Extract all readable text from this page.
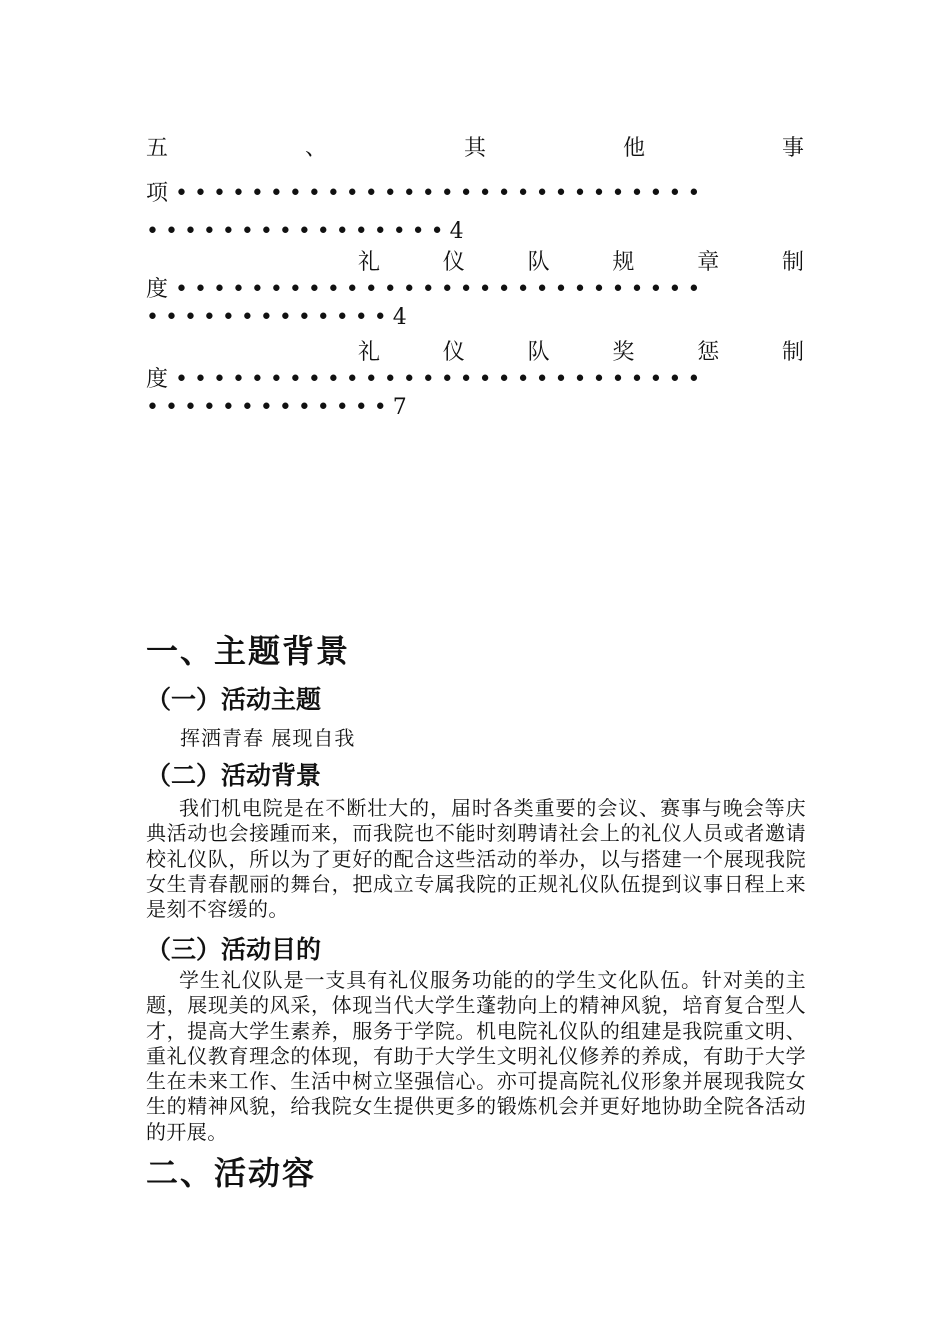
五	、	其	他	事
项 ••••••••••••••••••••••••••••
••••••••••••••••4
礼	仪	队	规	章	制
度 ••••••••••••••••••••••••••••
•••••••••••••4
礼	仪	队	奖	惩	制
度 ••••••••••••••••••••••••••••
•••••••••••••7
一、主题背景
（一）活动主题

挥洒青春 展现自我

（二）活动背景

我们机电院是在不断壮大的，届时各类重要的会议、赛事与晚会等庆典活动也会接踵而来，而我院也不能时刻聘请社会上的礼仪人员或者邀请校礼仪队，所以为了更好的配合这些活动的举办，以与搭建一个展现我院女生青春靓丽的舞台，把成立专属我院的正规礼仪队伍提到议事日程上来是刻不容缓的。

（三）活动目的

学生礼仪队是一支具有礼仪服务功能的的学生文化队伍。针对美的主题，展现美的风采，体现当代大学生蓬勃向上的精神风貌，培育复合型人才，提高大学生素养，服务于学院。机电院礼仪队的组建是我院重文明、重礼仪教育理念的体现，有助于大学生文明礼仪修养的养成，有助于大学生在未来工作、生活中树立坚强信心。亦可提高院礼仪形象并展现我院女生的精神风貌，给我院女生提供更多的锻炼机会并更好地协助全院各活动的开展。

二、活动容
